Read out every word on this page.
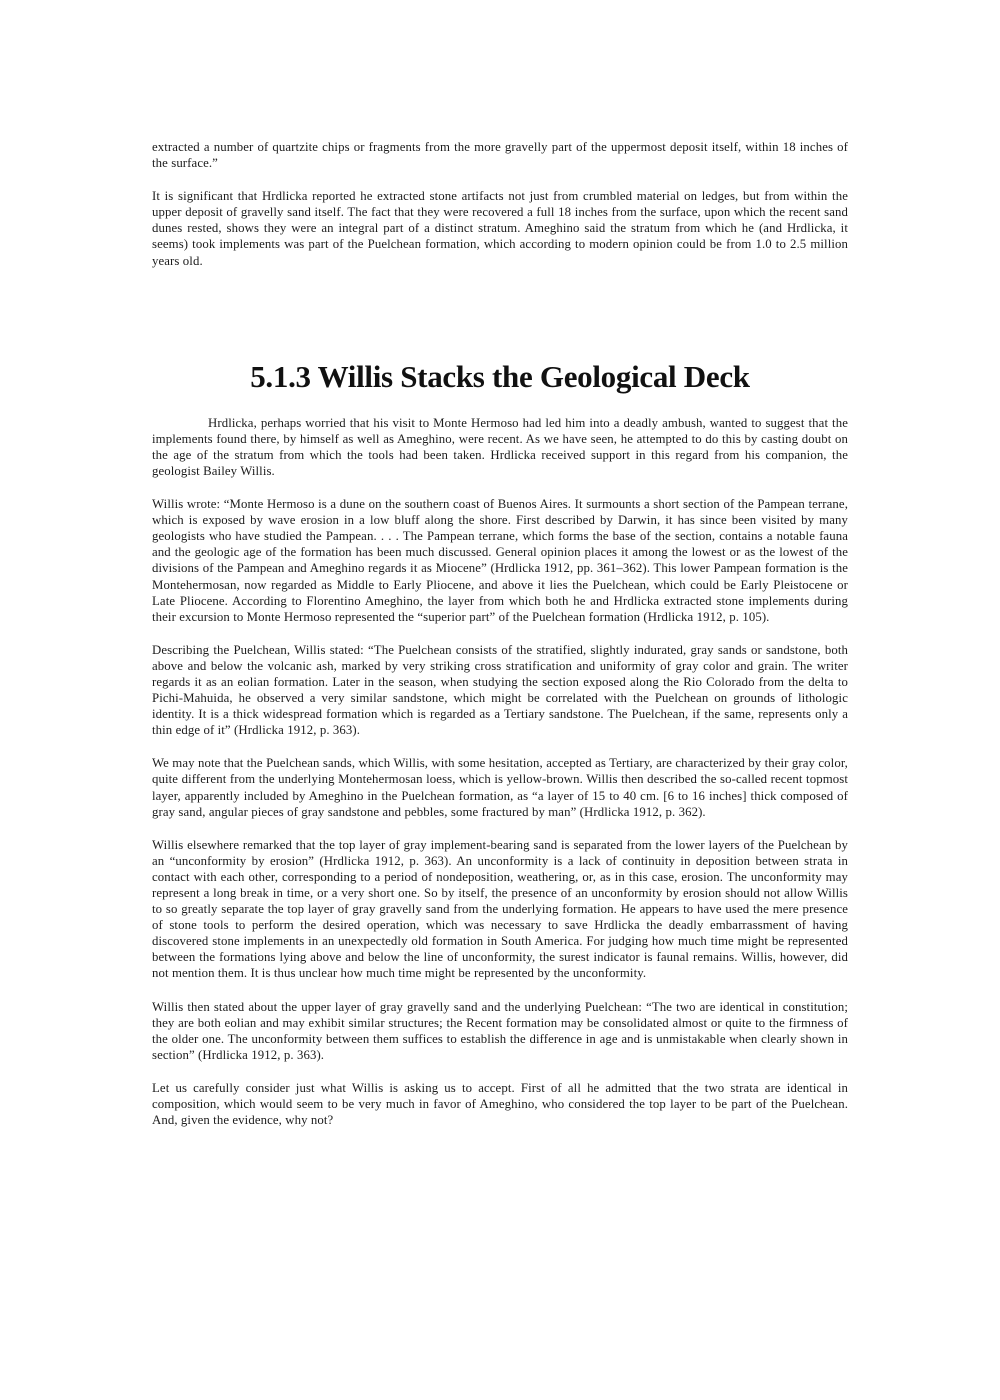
extracted a number of quartzite chips or fragments from the more gravelly part of the uppermost deposit itself, within 18 inches of the surface.”

It is significant that Hrdlicka reported he extracted stone artifacts not just from crumbled material on ledges, but from within the upper deposit of gravelly sand itself. The fact that they were recovered a full 18 inches from the surface, upon which the recent sand dunes rested, shows they were an integral part of a distinct stratum. Ameghino said the stratum from which he (and Hrdlicka, it seems) took implements was part of the Puelchean formation, which according to modern opinion could be from 1.0 to 2.5 million years old.

5.1.3 Willis Stacks the Geological Deck

Hrdlicka, perhaps worried that his visit to Monte Hermoso had led him into a deadly ambush, wanted to suggest that the implements found there, by himself as well as Ameghino, were recent. As we have seen, he attempted to do this by casting doubt on the age of the stratum from which the tools had been taken. Hrdlicka received support in this regard from his companion, the geologist Bailey Willis.

Willis wrote: “Monte Hermoso is a dune on the southern coast of Buenos Aires. It surmounts a short section of the Pampean terrane, which is exposed by wave erosion in a low bluff along the shore. First described by Darwin, it has since been visited by many geologists who have studied the Pampean. . . . The Pampean terrane, which forms the base of the section, contains a notable fauna and the geologic age of the formation has been much discussed. General opinion places it among the lowest or as the lowest of the divisions of the Pampean and Ameghino regards it as Miocene” (Hrdlicka 1912, pp. 361–362). This lower Pampean formation is the Montehermosan, now regarded as Middle to Early Pliocene, and above it lies the Puelchean, which could be Early Pleistocene or Late Pliocene. According to Florentino Ameghino, the layer from which both he and Hrdlicka extracted stone implements during their excursion to Monte Hermoso represented the “superior part” of the Puelchean formation (Hrdlicka 1912, p. 105).

Describing the Puelchean, Willis stated: “The Puelchean consists of the stratified, slightly indurated, gray sands or sandstone, both above and below the volcanic ash, marked by very striking cross stratification and uniformity of gray color and grain. The writer regards it as an eolian formation. Later in the season, when studying the section exposed along the Rio Colorado from the delta to Pichi-Mahuida, he observed a very similar sandstone, which might be correlated with the Puelchean on grounds of lithologic identity. It is a thick widespread formation which is regarded as a Tertiary sandstone. The Puelchean, if the same, represents only a thin edge of it” (Hrdlicka 1912, p. 363).

We may note that the Puelchean sands, which Willis, with some hesitation, accepted as Tertiary, are characterized by their gray color, quite different from the underlying Montehermosan loess, which is yellow-brown. Willis then described the so-called recent topmost layer, apparently included by Ameghino in the Puelchean formation, as “a layer of 15 to 40 cm. [6 to 16 inches] thick composed of gray sand, angular pieces of gray sandstone and pebbles, some fractured by man” (Hrdlicka 1912, p. 362).

Willis elsewhere remarked that the top layer of gray implement-bearing sand is separated from the lower layers of the Puelchean by an “unconformity by erosion” (Hrdlicka 1912, p. 363). An unconformity is a lack of continuity in deposition between strata in contact with each other, corresponding to a period of nondeposition, weathering, or, as in this case, erosion. The unconformity may represent a long break in time, or a very short one. So by itself, the presence of an unconformity by erosion should not allow Willis to so greatly separate the top layer of gray gravelly sand from the underlying formation. He appears to have used the mere presence of stone tools to perform the desired operation, which was necessary to save Hrdlicka the deadly embarrassment of having discovered stone implements in an unexpectedly old formation in South America. For judging how much time might be represented between the formations lying above and below the line of unconformity, the surest indicator is faunal remains. Willis, however, did not mention them. It is thus unclear how much time might be represented by the unconformity.

Willis then stated about the upper layer of gray gravelly sand and the underlying Puelchean: “The two are identical in constitution; they are both eolian and may exhibit similar structures; the Recent formation may be consolidated almost or quite to the firmness of the older one. The unconformity between them suffices to establish the difference in age and is unmistakable when clearly shown in section” (Hrdlicka 1912, p. 363).

Let us carefully consider just what Willis is asking us to accept. First of all he admitted that the two strata are identical in composition, which would seem to be very much in favor of Ameghino, who considered the top layer to be part of the Puelchean. And, given the evidence, why not?
